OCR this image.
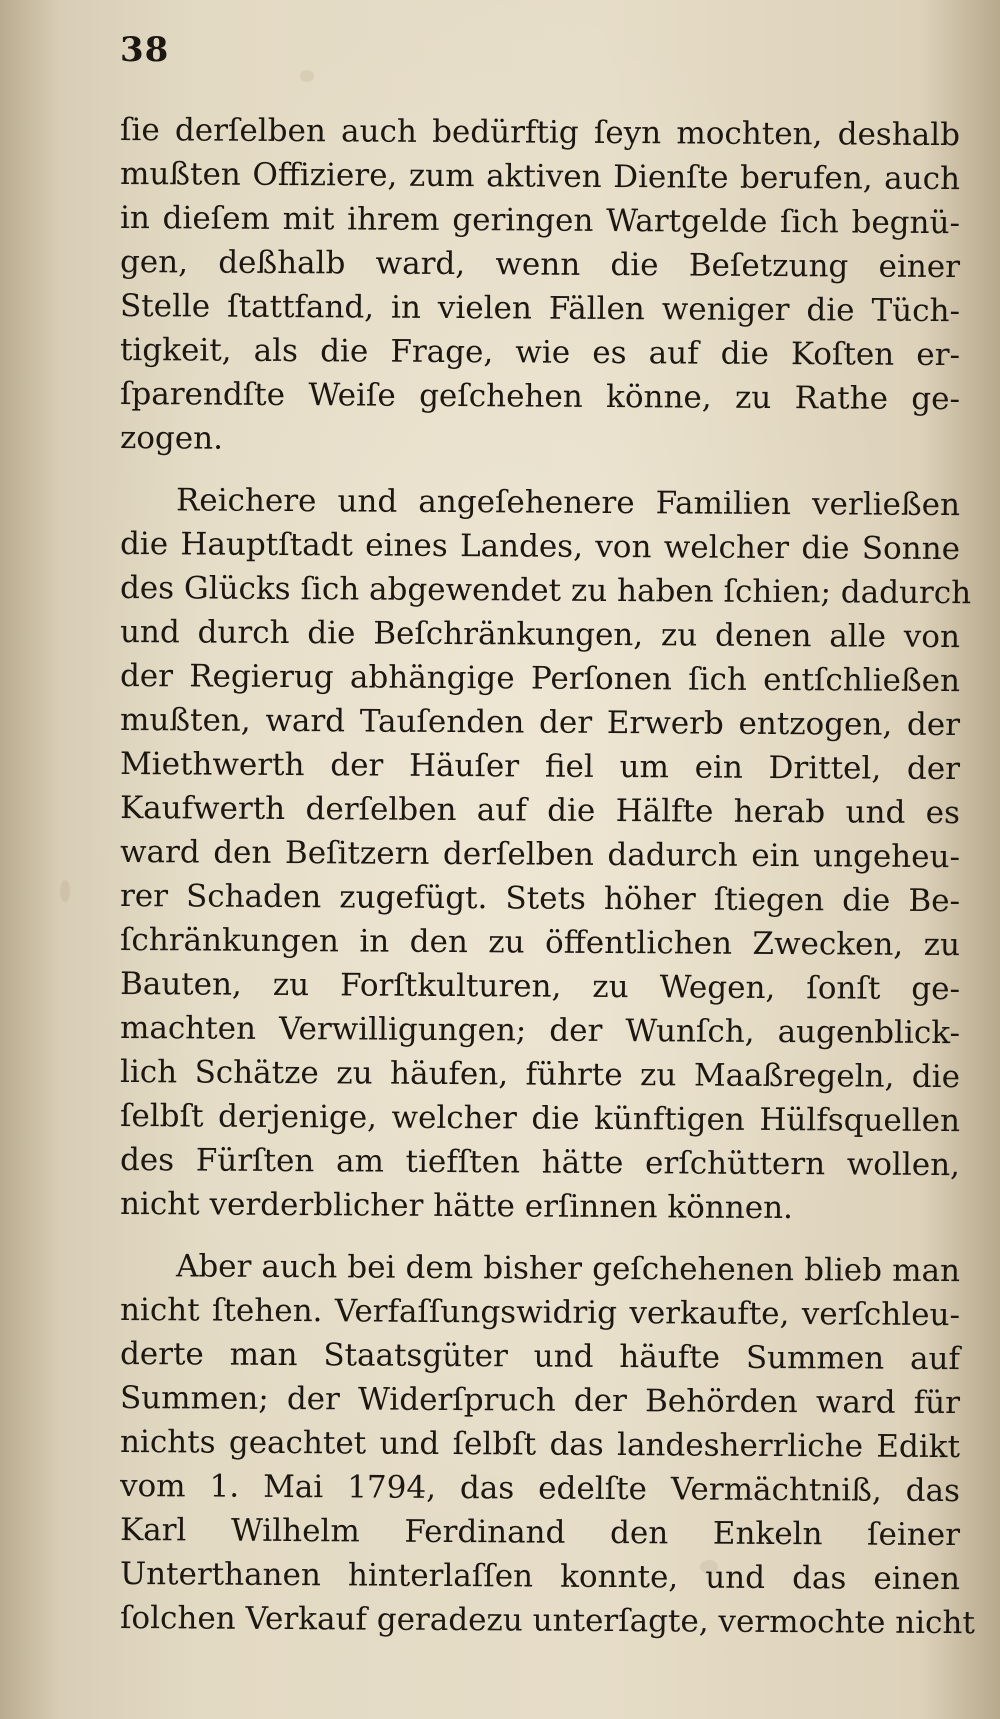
38
ſie derſelben auch bedürftig ſeyn mochten, deshalb
mußten Offiziere, zum aktiven Dienſte berufen, auch
in dieſem mit ihrem geringen Wartgelde ſich begnü-
gen, deßhalb ward, wenn die Beſetzung einer
Stelle ſtattfand, in vielen Fällen weniger die Tüch-
tigkeit, als die Frage, wie es auf die Koſten er-
ſparendſte Weiſe geſchehen könne, zu Rathe ge-
zogen.
Reichere und angeſehenere Familien verließen
die Hauptſtadt eines Landes, von welcher die Sonne
des Glücks ſich abgewendet zu haben ſchien; dadurch
und durch die Beſchränkungen, zu denen alle von
der Regierug abhängige Perſonen ſich entſchließen
mußten, ward Tauſenden der Erwerb entzogen, der
Miethwerth der Häuſer fiel um ein Drittel, der
Kaufwerth derſelben auf die Hälfte herab und es
ward den Beſitzern derſelben dadurch ein ungeheu-
rer Schaden zugefügt. Stets höher ſtiegen die Be-
ſchränkungen in den zu öffentlichen Zwecken, zu
Bauten, zu Forſtkulturen, zu Wegen, ſonſt ge-
machten Verwilligungen; der Wunſch, augenblick-
lich Schätze zu häufen, führte zu Maaßregeln, die
ſelbſt derjenige, welcher die künftigen Hülfsquellen
des Fürſten am tiefſten hätte erſchüttern wollen,
nicht verderblicher hätte erſinnen können.
Aber auch bei dem bisher geſchehenen blieb man
nicht ſtehen. Verfaſſungswidrig verkaufte, verſchleu-
derte man Staatsgüter und häufte Summen auf
Summen; der Widerſpruch der Behörden ward für
nichts geachtet und ſelbſt das landesherrliche Edikt
vom 1. Mai 1794, das edelſte Vermächtniß, das
Karl Wilhelm Ferdinand den Enkeln ſeiner
Unterthanen hinterlaſſen konnte, und das einen
ſolchen Verkauf geradezu unterſagte, vermochte nicht
